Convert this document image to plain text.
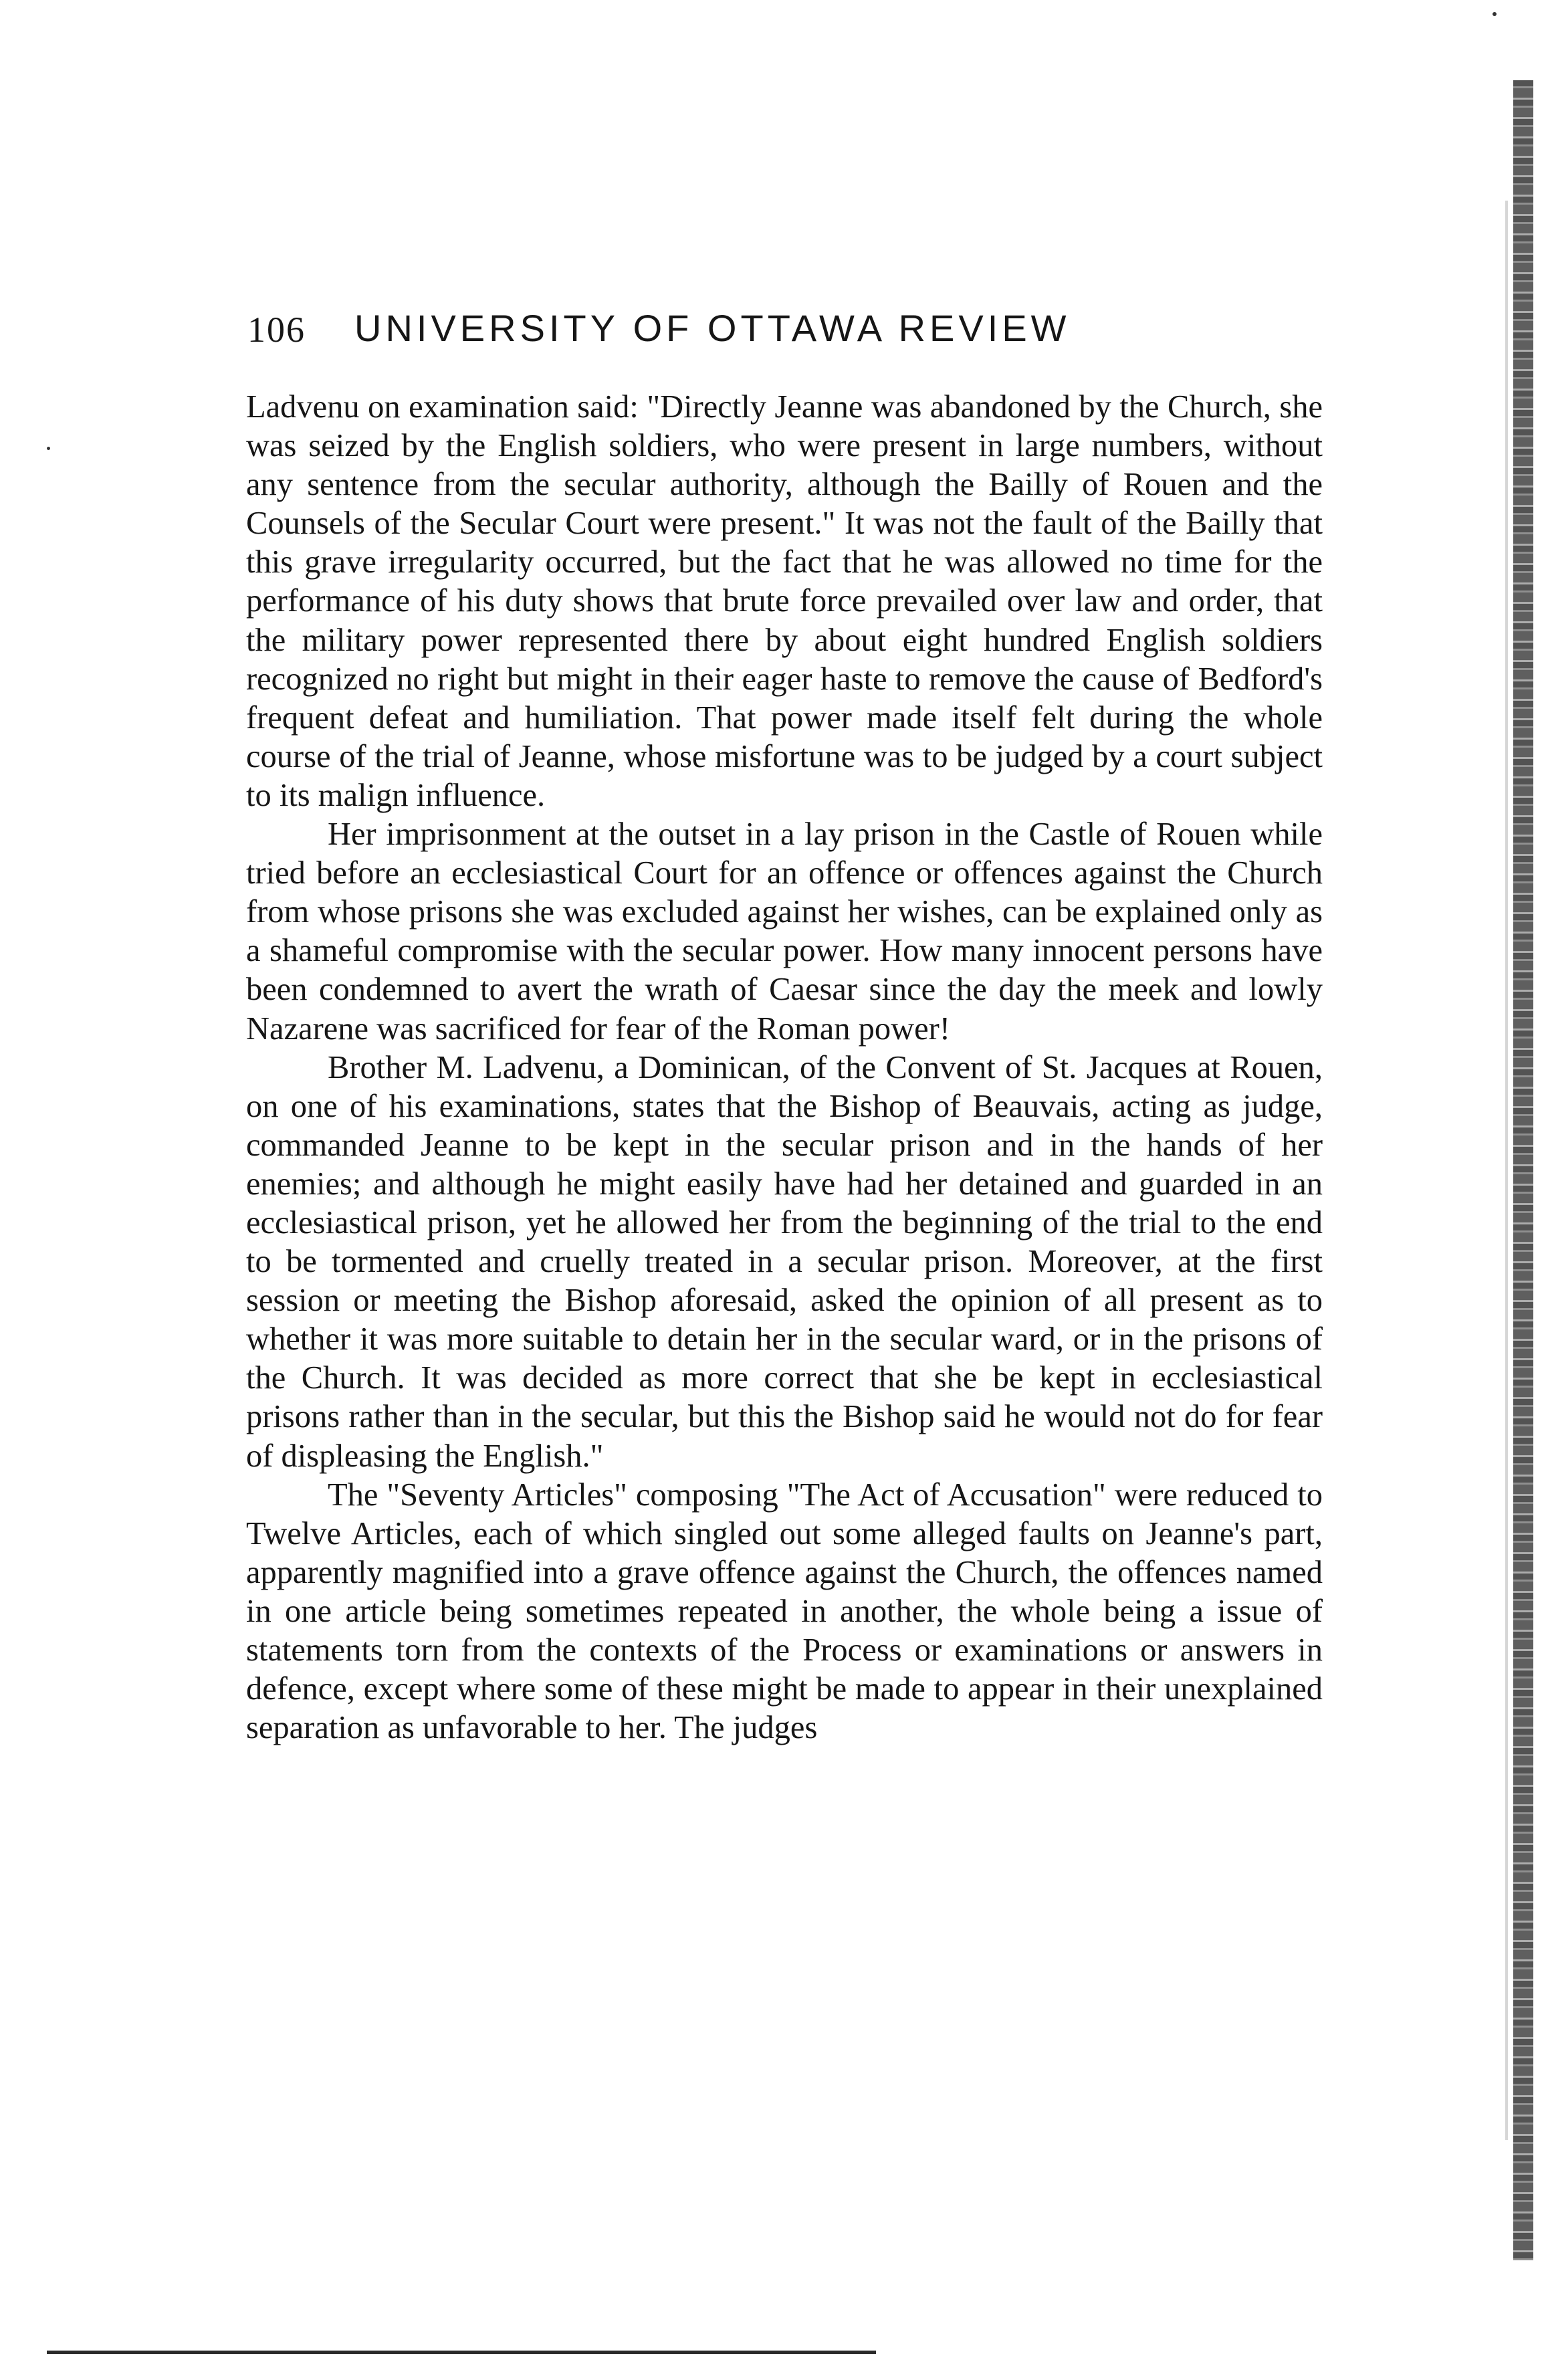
106 UNIVERSITY OF OTTAWA REVIEW

Ladvenu on examination said: "Directly Jeanne was abandoned by the Church, she was seized by the English soldiers, who were present in large numbers, without any sentence from the secular authority, although the Bailly of Rouen and the Counsels of the Secular Court were present." It was not the fault of the Bailly that this grave irregularity occurred, but the fact that he was allowed no time for the performance of his duty shows that brute force prevailed over law and order, that the military power represented there by about eight hundred English soldiers recognized no right but might in their eager haste to remove the cause of Bedford's frequent defeat and humiliation. That power made itself felt during the whole course of the trial of Jeanne, whose misfortune was to be judged by a court subject to its malign influence.

Her imprisonment at the outset in a lay prison in the Castle of Rouen while tried before an ecclesiastical Court for an offence or offences against the Church from whose prisons she was excluded against her wishes, can be explained only as a shameful compromise with the secular power. How many innocent persons have been condemned to avert the wrath of Caesar since the day the meek and lowly Nazarene was sacrificed for fear of the Roman power!

Brother M. Ladvenu, a Dominican, of the Convent of St. Jacques at Rouen, on one of his examinations, states that the Bishop of Beauvais, acting as judge, commanded Jeanne to be kept in the secular prison and in the hands of her enemies; and although he might easily have had her detained and guarded in an ecclesiastical prison, yet he allowed her from the beginning of the trial to the end to be tormented and cruelly treated in a secular prison. Moreover, at the first session or meeting the Bishop aforesaid, asked the opinion of all present as to whether it was more suitable to detain her in the secular ward, or in the prisons of the Church. It was decided as more correct that she be kept in ecclesiastical prisons rather than in the secular, but this the Bishop said he would not do for fear of displeasing the English."

The "Seventy Articles" composing "The Act of Accusation" were reduced to Twelve Articles, each of which singled out some alleged faults on Jeanne's part, apparently magnified into a grave offence against the Church, the offences named in one article being sometimes repeated in another, the whole being a issue of statements torn from the contexts of the Process or examinations or answers in defence, except where some of these might be made to appear in their unexplained separation as unfavorable to her. The judges
